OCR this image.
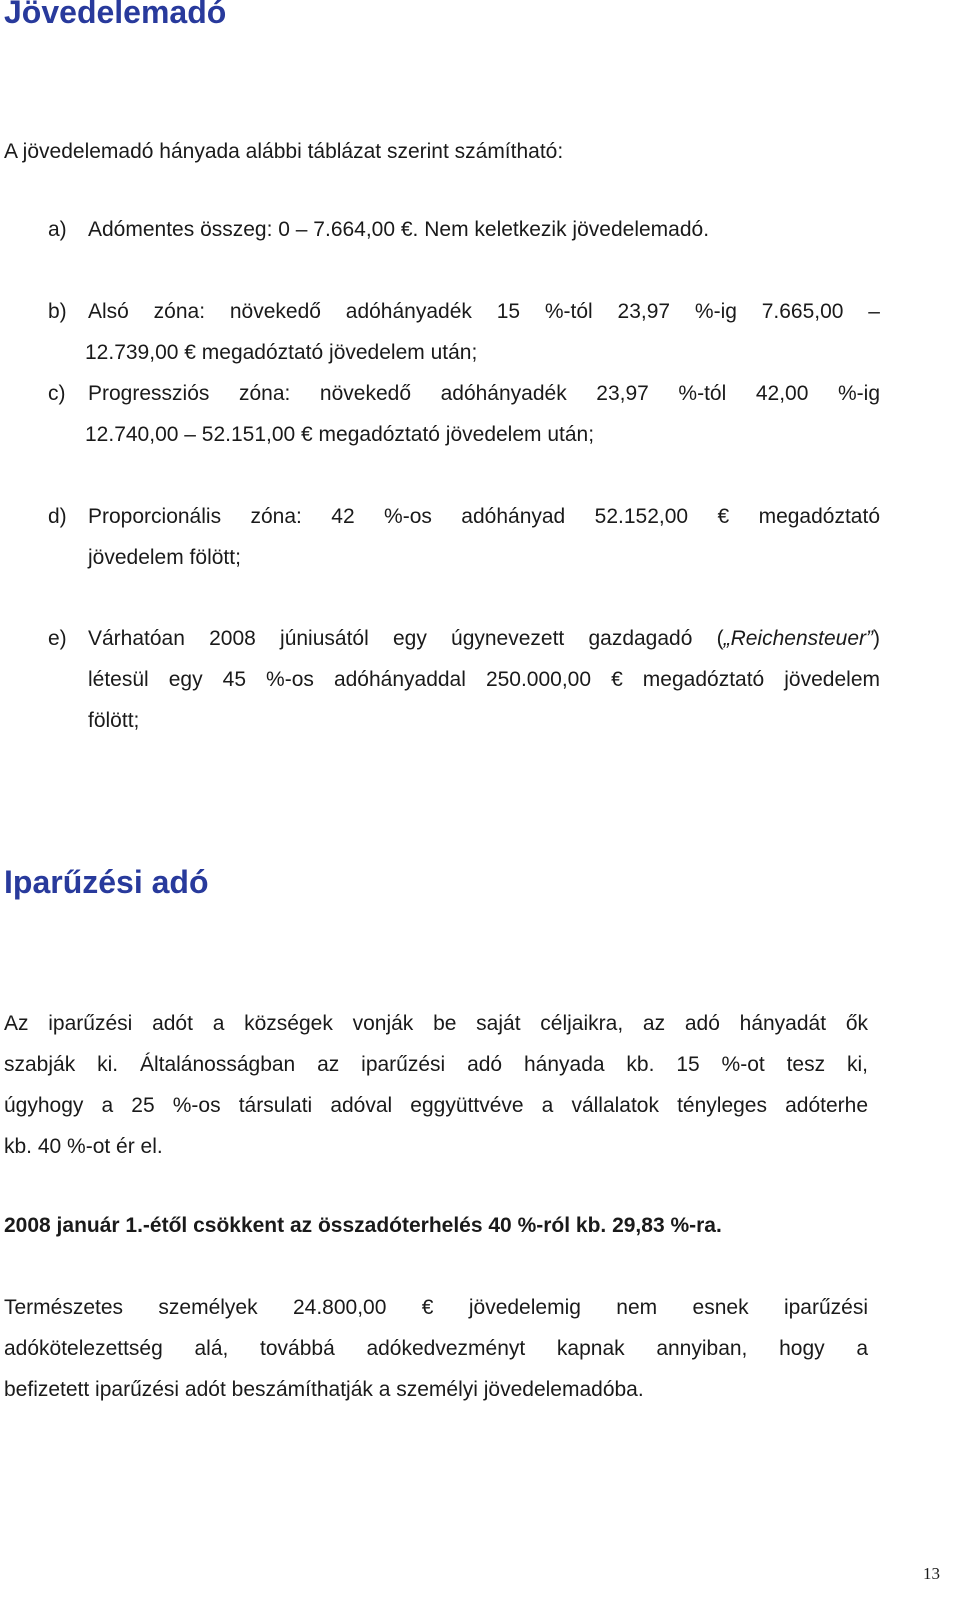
Jövedelemadó

A jövedelemadó hányada alábbi táblázat szerint számítható:

a) Adómentes összeg: 0 – 7.664,00 €. Nem keletkezik jövedelemadó.
b) Alsó zóna: növekedő adóhányadék 15 %-tól 23,97 %-ig 7.665,00 –
12.739,00 € megadóztató jövedelem után;
c) Progressziós zóna: növekedő adóhányadék 23,97 %-tól 42,00 %-ig
12.740,00 – 52.151,00 € megadóztató jövedelem után;
d) Proporcionális zóna: 42 %-os adóhányad 52.152,00 € megadóztató
jövedelem fölött;
e) Várhatóan 2008 júniusától egy úgynevezett gazdagadó („Reichensteuer”)
létesül egy 45 %-os adóhányaddal 250.000,00 € megadóztató jövedelem
fölött;
Iparűzési adó
Az iparűzési adót a községek vonják be saját céljaikra, az adó hányadát ők
szabják ki. Általánosságban az iparűzési adó hányada kb. 15 %-ot tesz ki,
úgyhogy a 25 %-os társulati adóval eggyüttvéve a vállalatok tényleges adóterhe
kb. 40 %-ot ér el.

2008 január 1.-étől csökkent az összadóterhelés 40 %-ról kb. 29,83 %-ra.

Természetes személyek 24.800,00 € jövedelemig nem esnek iparűzési
adókötelezettség alá, továbbá adókedvezményt kapnak annyiban, hogy a
befizetett iparűzési adót beszámíthatják a személyi jövedelemadóba.
13
